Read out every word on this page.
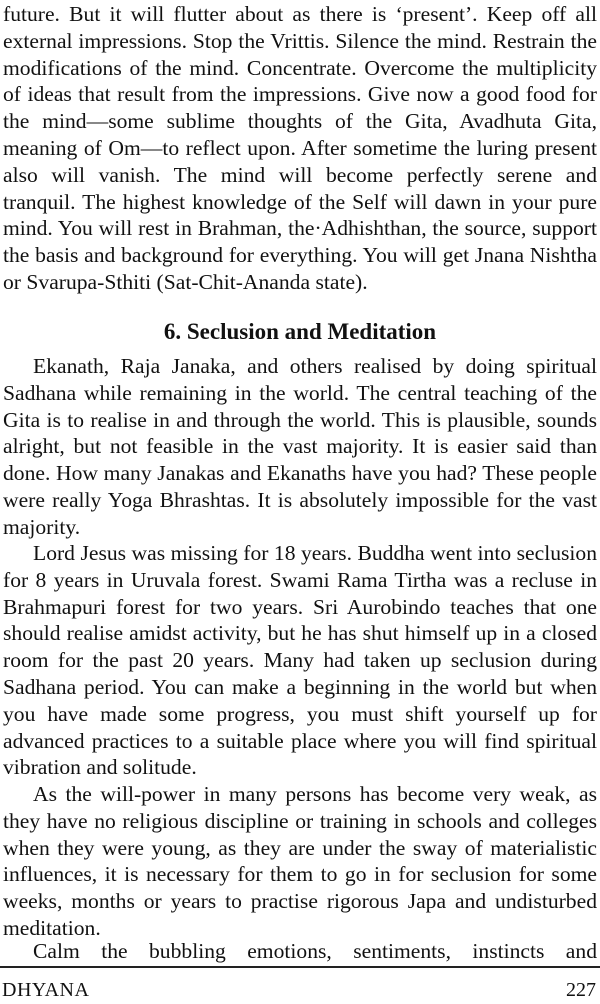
future. But it will flutter about as there is ‘present’. Keep off all external impressions. Stop the Vrittis. Silence the mind. Restrain the modifications of the mind. Concentrate. Overcome the multiplicity of ideas that result from the impressions. Give now a good food for the mind—some sublime thoughts of the Gita, Avadhuta Gita, meaning of Om—to reflect upon. After sometime the luring present also will vanish. The mind will become perfectly serene and tranquil. The highest knowledge of the Self will dawn in your pure mind. You will rest in Brahman, the·Adhishthan, the source, support the basis and background for everything. You will get Jnana Nishtha or Svarupa-Sthiti (Sat-Chit-Ananda state).

6. Seclusion and Meditation

Ekanath, Raja Janaka, and others realised by doing spiritual Sadhana while remaining in the world. The central teaching of the Gita is to realise in and through the world. This is plausible, sounds alright, but not feasible in the vast majority. It is easier said than done. How many Janakas and Ekanaths have you had? These people were really Yoga Bhrashtas. It is absolutely impossible for the vast majority.

Lord Jesus was missing for 18 years. Buddha went into seclusion for 8 years in Uruvala forest. Swami Rama Tirtha was a recluse in Brahmapuri forest for two years. Sri Aurobindo teaches that one should realise amidst activity, but he has shut himself up in a closed room for the past 20 years. Many had taken up seclusion during Sadhana period. You can make a beginning in the world but when you have made some progress, you must shift yourself up for advanced practices to a suitable place where you will find spiritual vibration and solitude.

As the will-power in many persons has become very weak, as they have no religious discipline or training in schools and colleges when they were young, as they are under the sway of materialistic influences, it is necessary for them to go in for seclusion for some weeks, months or years to practise rigorous Japa and undisturbed meditation.

Calm the bubbling emotions, sentiments, instincts and

DHYANA	227
